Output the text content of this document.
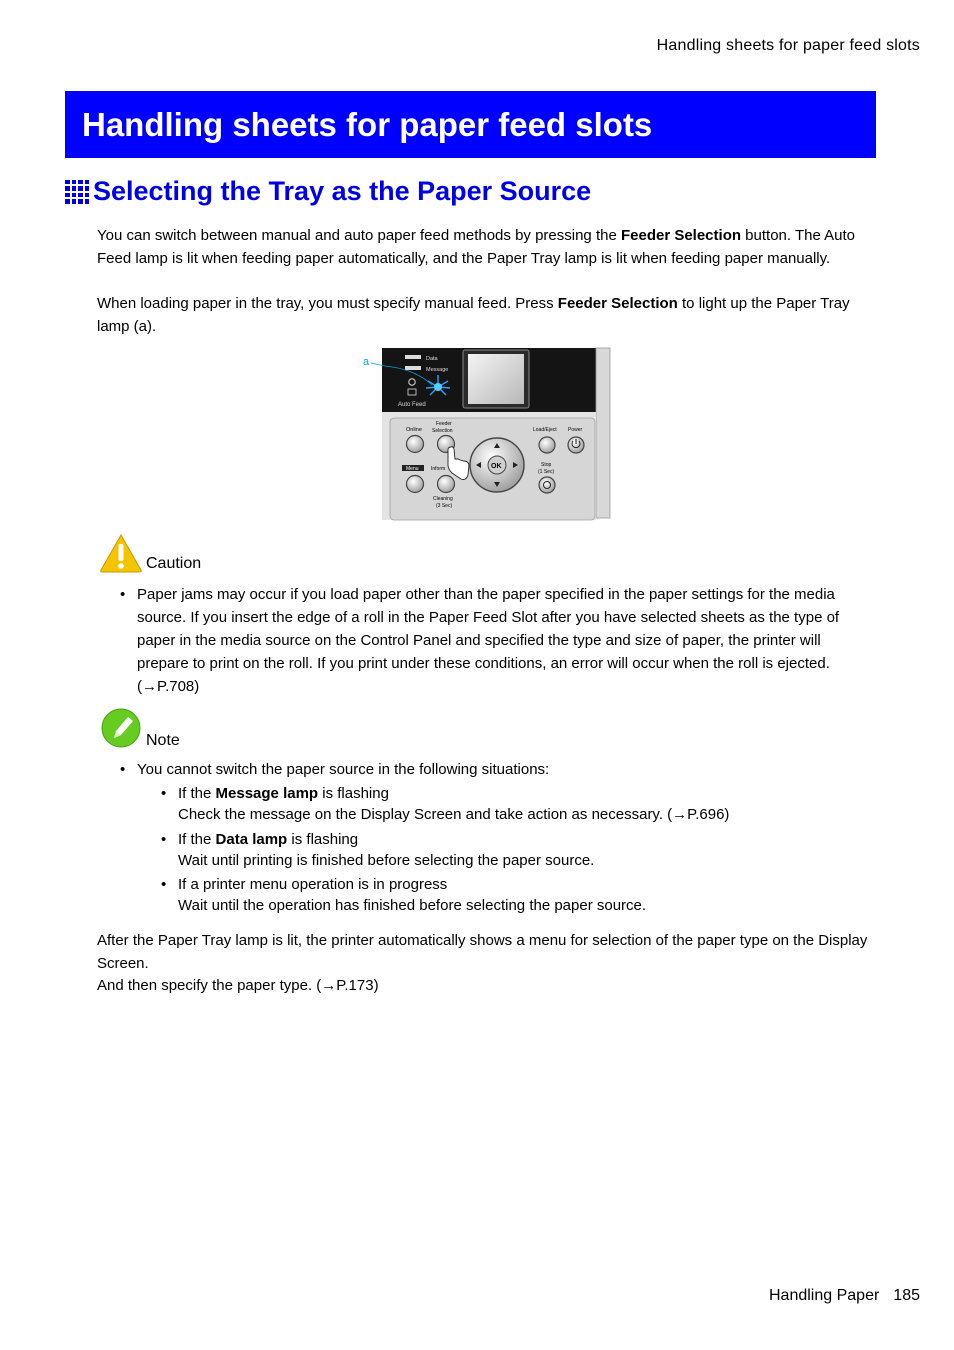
Handling sheets for paper feed slots
Handling sheets for paper feed slots
Selecting the Tray as the Paper Source

You can switch between manual and auto paper feed methods by pressing the Feeder Selection button. The Auto Feed lamp is lit when feeding paper automatically, and the Paper Tray lamp is lit when feeding paper manually.

When loading paper in the tray, you must specify manual feed. Press Feeder Selection to light up the Paper Tray lamp (a).

Data
Message
Auto Feed
a
Online
Feeder
Selection
Menu Inform
Cleaning
(3 Sec)
OK
Load/Eject Power
Stop
(1 Sec)
Caution
• Paper jams may occur if you load paper other than the paper specified in the paper settings for the media source. If you insert the edge of a roll in the Paper Feed Slot after you have selected sheets as the type of paper in the media source on the Control Panel and specified the type and size of paper, the printer will prepare to print on the roll. If you print under these conditions, an error will occur when the roll is ejected. (→P.708)
Note
• You cannot switch the paper source in the following situations:
• If the Message lamp is flashing
Check the message on the Display Screen and take action as necessary. (→P.696)
• If the Data lamp is flashing
Wait until printing is finished before selecting the paper source.
• If a printer menu operation is in progress
Wait until the operation has finished before selecting the paper source.

After the Paper Tray lamp is lit, the printer automatically shows a menu for selection of the paper type on the Display Screen.

And then specify the paper type. (→P.173)

Handling Paper 185
